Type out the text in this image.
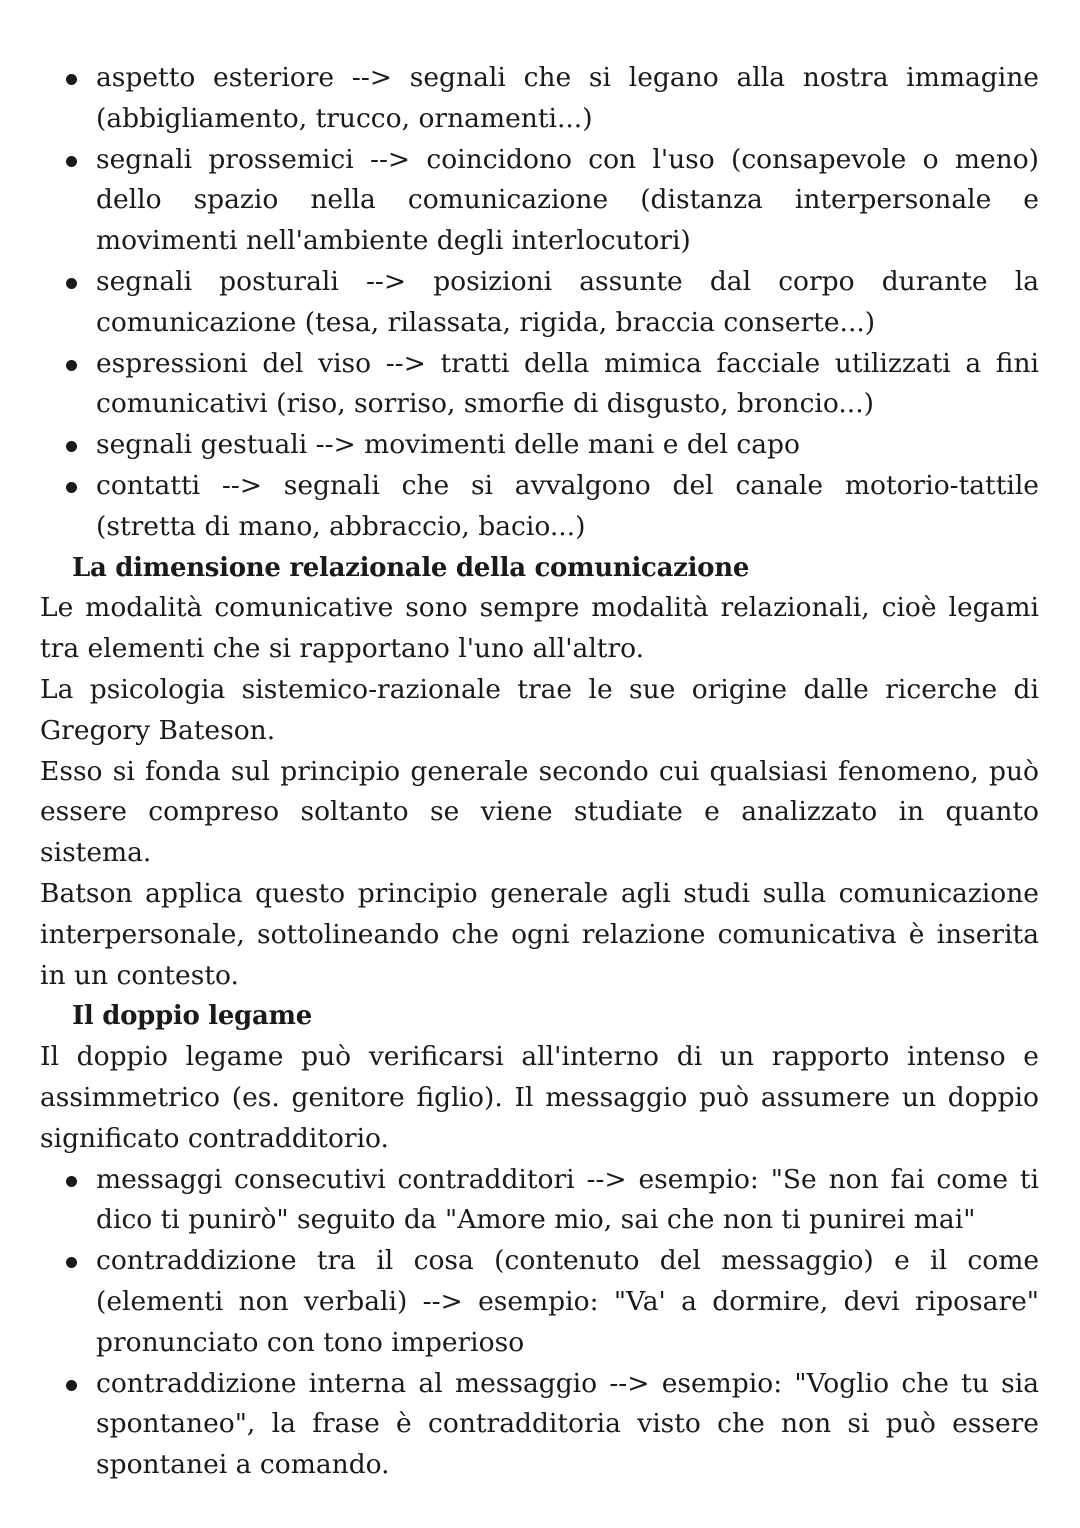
aspetto esteriore --> segnali che si legano alla nostra immagine (abbigliamento, trucco, ornamenti...)
segnali prossemici --> coincidono con l'uso (consapevole o meno) dello spazio nella comunicazione (distanza interpersonale e movimenti nell'ambiente degli interlocutori)
segnali posturali --> posizioni assunte dal corpo durante la comunicazione (tesa, rilassata, rigida, braccia conserte...)
espressioni del viso --> tratti della mimica facciale utilizzati a fini comunicativi (riso, sorriso, smorfie di disgusto, broncio...)
segnali gestuali --> movimenti delle mani e del capo
contatti --> segnali che si avvalgono del canale motorio-tattile (stretta di mano, abbraccio, bacio...)
La dimensione relazionale della comunicazione

Le modalità comunicative sono sempre modalità relazionali, cioè legami tra elementi che si rapportano l'uno all'altro.

La psicologia sistemico-razionale trae le sue origine dalle ricerche di Gregory Bateson.

Esso si fonda sul principio generale secondo cui qualsiasi fenomeno, può essere compreso soltanto se viene studiate e analizzato in quanto sistema.

Batson applica questo principio generale agli studi sulla comunicazione interpersonale, sottolineando che ogni relazione comunicativa è inserita in un contesto.

Il doppio legame

Il doppio legame può verificarsi all'interno di un rapporto intenso e assimmetrico (es. genitore figlio). Il messaggio può assumere un doppio significato contradditorio.

messaggi consecutivi contradditori --> esempio: "Se non fai come ti dico ti punirò" seguito da "Amore mio, sai che non ti punirei mai"
contraddizione tra il cosa (contenuto del messaggio) e il come (elementi non verbali) --> esempio: "Va' a dormire, devi riposare" pronunciato con tono imperioso
contraddizione interna al messaggio --> esempio: "Voglio che tu sia spontaneo", la frase è contradditoria visto che non si può essere spontanei a comando.
